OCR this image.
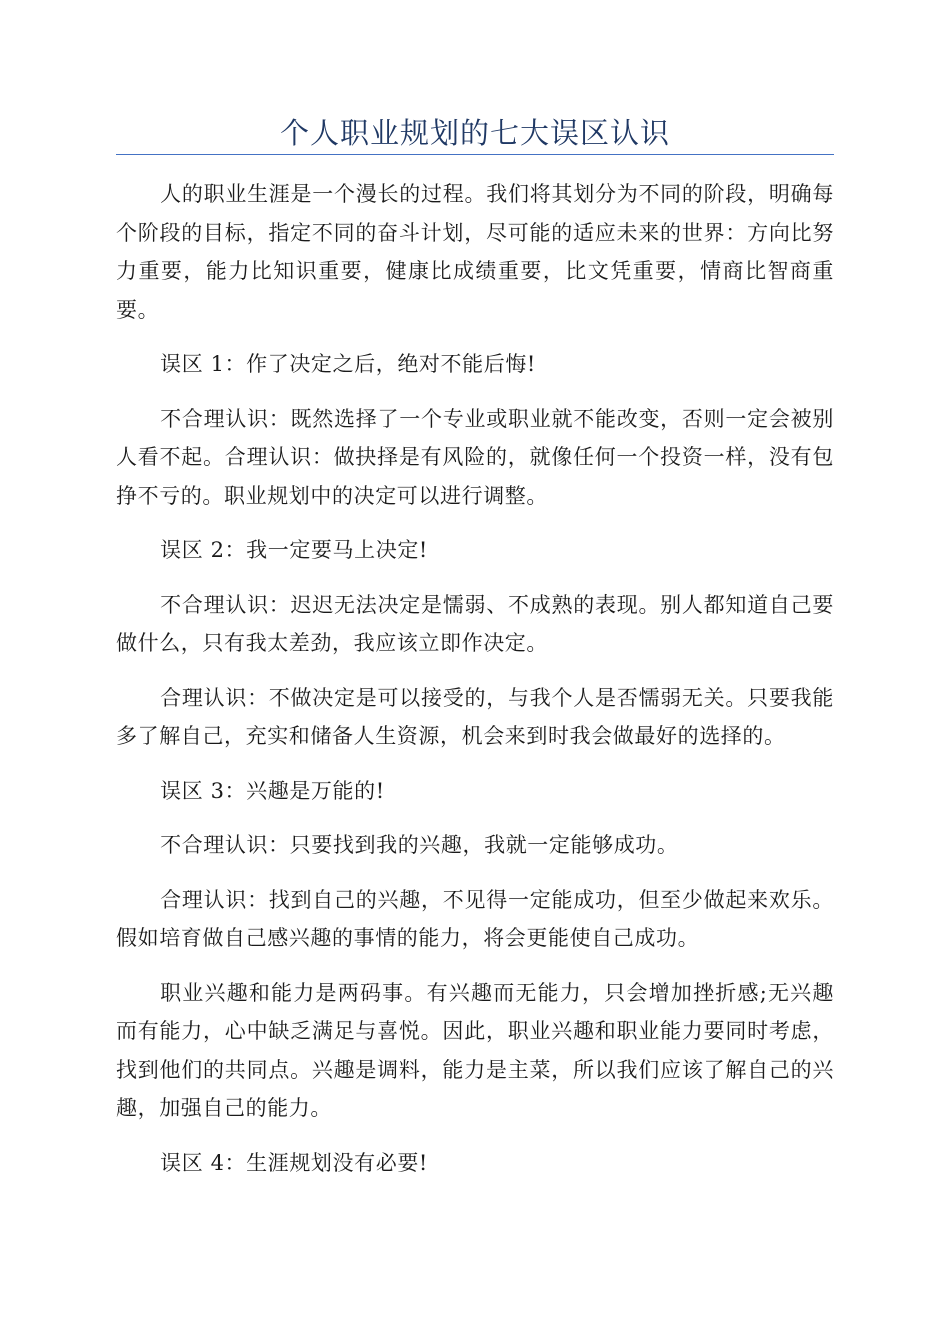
个人职业规划的七大误区认识

人的职业生涯是一个漫长的过程。我们将其划分为不同的阶段，明确每个阶段的目标，指定不同的奋斗计划，尽可能的适应未来的世界：方向比努力重要，能力比知识重要，健康比成绩重要，比文凭重要，情商比智商重要。

误区 1：作了决定之后，绝对不能后悔!

不合理认识：既然选择了一个专业或职业就不能改变，否则一定会被别人看不起。合理认识：做抉择是有风险的，就像任何一个投资一样，没有包挣不亏的。职业规划中的决定可以进行调整。

误区 2：我一定要马上决定!

不合理认识：迟迟无法决定是懦弱、不成熟的表现。别人都知道自己要做什么，只有我太差劲，我应该立即作决定。

合理认识：不做决定是可以接受的，与我个人是否懦弱无关。只要我能多了解自己，充实和储备人生资源，机会来到时我会做最好的选择的。

误区 3：兴趣是万能的!

不合理认识：只要找到我的兴趣，我就一定能够成功。

合理认识：找到自己的兴趣，不见得一定能成功，但至少做起来欢乐。假如培育做自己感兴趣的事情的能力，将会更能使自己成功。

职业兴趣和能力是两码事。有兴趣而无能力，只会增加挫折感;无兴趣而有能力，心中缺乏满足与喜悦。因此，职业兴趣和职业能力要同时考虑，找到他们的共同点。兴趣是调料，能力是主菜，所以我们应该了解自己的兴趣，加强自己的能力。

误区 4：生涯规划没有必要!
